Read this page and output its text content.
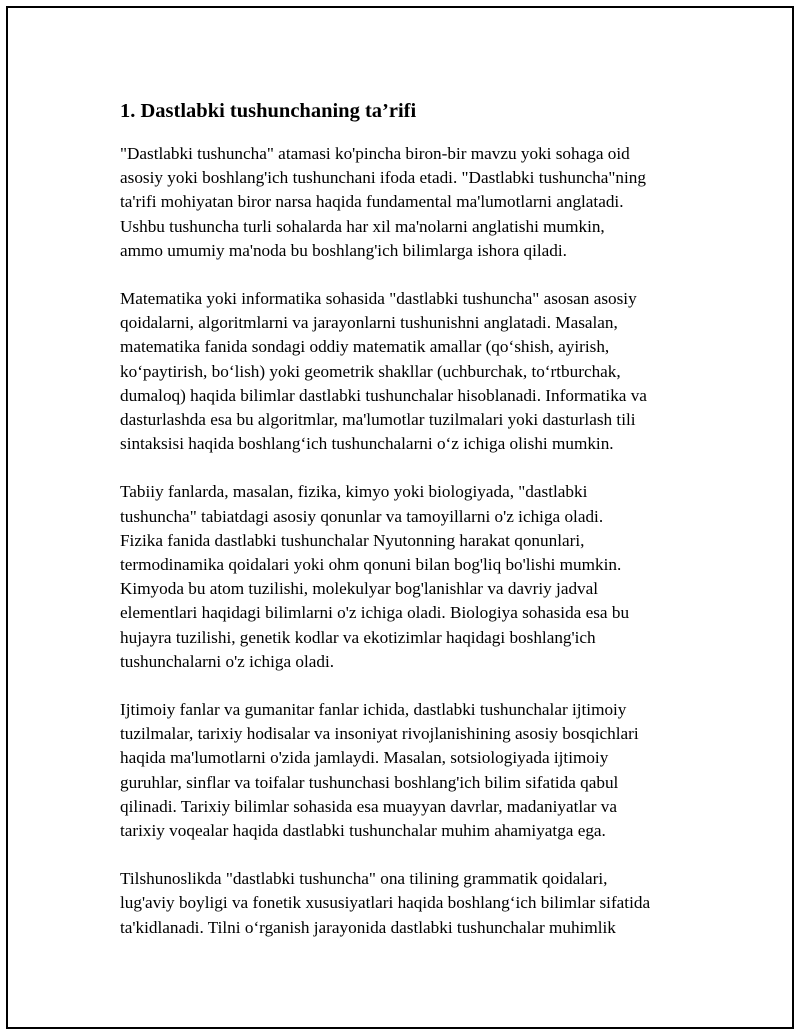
1. Dastlabki tushunchaning ta’rifi
"Dastlabki tushuncha" atamasi ko'pincha biron-bir mavzu yoki sohaga oid
asosiy yoki boshlang'ich tushunchani ifoda etadi. "Dastlabki tushuncha"ning
ta'rifi mohiyatan biror narsa haqida fundamental ma'lumotlarni anglatadi.
Ushbu tushuncha turli sohalarda har xil ma'nolarni anglatishi mumkin,
ammo umumiy ma'noda bu boshlang'ich bilimlarga ishora qiladi.
Matematika yoki informatika sohasida "dastlabki tushuncha" asosan asosiy
qoidalarni, algoritmlarni va jarayonlarni tushunishni anglatadi. Masalan,
matematika fanida sondagi oddiy matematik amallar (qo‘shish, ayirish,
ko‘paytirish, bo‘lish) yoki geometrik shakllar (uchburchak, to‘rtburchak,
dumaloq) haqida bilimlar dastlabki tushunchalar hisoblanadi. Informatika va
dasturlashda esa bu algoritmlar, ma'lumotlar tuzilmalari yoki dasturlash tili
sintaksisi haqida boshlang‘ich tushunchalarni o‘z ichiga olishi mumkin.
Tabiiy fanlarda, masalan, fizika, kimyo yoki biologiyada, "dastlabki
tushuncha" tabiatdagi asosiy qonunlar va tamoyillarni o'z ichiga oladi.
Fizika fanida dastlabki tushunchalar Nyutonning harakat qonunlari,
termodinamika qoidalari yoki ohm qonuni bilan bog'liq bo'lishi mumkin.
Kimyoda bu atom tuzilishi, molekulyar bog'lanishlar va davriy jadval
elementlari haqidagi bilimlarni o'z ichiga oladi. Biologiya sohasida esa bu
hujayra tuzilishi, genetik kodlar va ekotizimlar haqidagi boshlang'ich
tushunchalarni o'z ichiga oladi.
Ijtimoiy fanlar va gumanitar fanlar ichida, dastlabki tushunchalar ijtimoiy
tuzilmalar, tarixiy hodisalar va insoniyat rivojlanishining asosiy bosqichlari
haqida ma'lumotlarni o'zida jamlaydi. Masalan, sotsiologiyada ijtimoiy
guruhlar, sinflar va toifalar tushunchasi boshlang'ich bilim sifatida qabul
qilinadi. Tarixiy bilimlar sohasida esa muayyan davrlar, madaniyatlar va
tarixiy voqealar haqida dastlabki tushunchalar muhim ahamiyatga ega.
Tilshunoslikda "dastlabki tushuncha" ona tilining grammatik qoidalari,
lug'aviy boyligi va fonetik xususiyatlari haqida boshlang‘ich bilimlar sifatida
ta'kidlanadi. Tilni o‘rganish jarayonida dastlabki tushunchalar muhimlik
